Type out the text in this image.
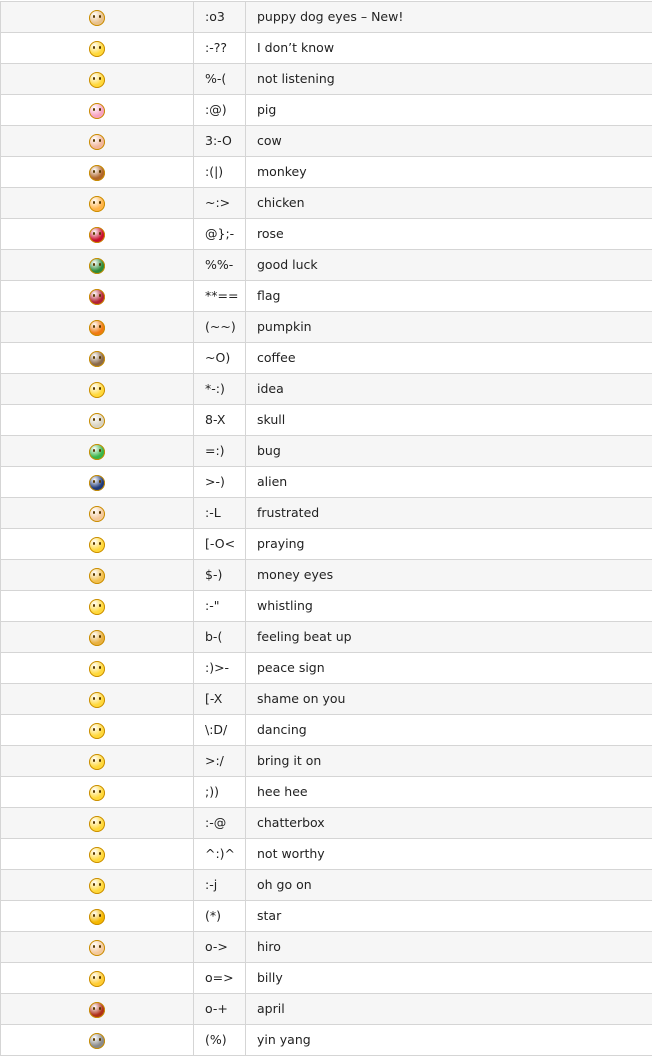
	:o3	puppy dog eyes – New!
	:-??	I don’t know
	%-(	not listening
	:@)	pig
	3:-O	cow
	:(|)	monkey
	~:>	chicken
	@};-	rose
	%%-	good luck
	**==	flag
	(~~)	pumpkin
	~O)	coffee
	*-:)	idea
	8-X	skull
	=:)	bug
	>-)	alien
	:-L	frustrated
	[-O<	praying
	$-)	money eyes
	:-"	whistling
	b-(	feeling beat up
	:)>-	peace sign
	[-X	shame on you
	\:D/	dancing
	>:/	bring it on
	;))	hee hee
	:-@	chatterbox
	^:)^	not worthy
	:-j	oh go on
	(*)	star
	o->	hiro
	o=>	billy
	o-+	april
	(%)	yin yang
